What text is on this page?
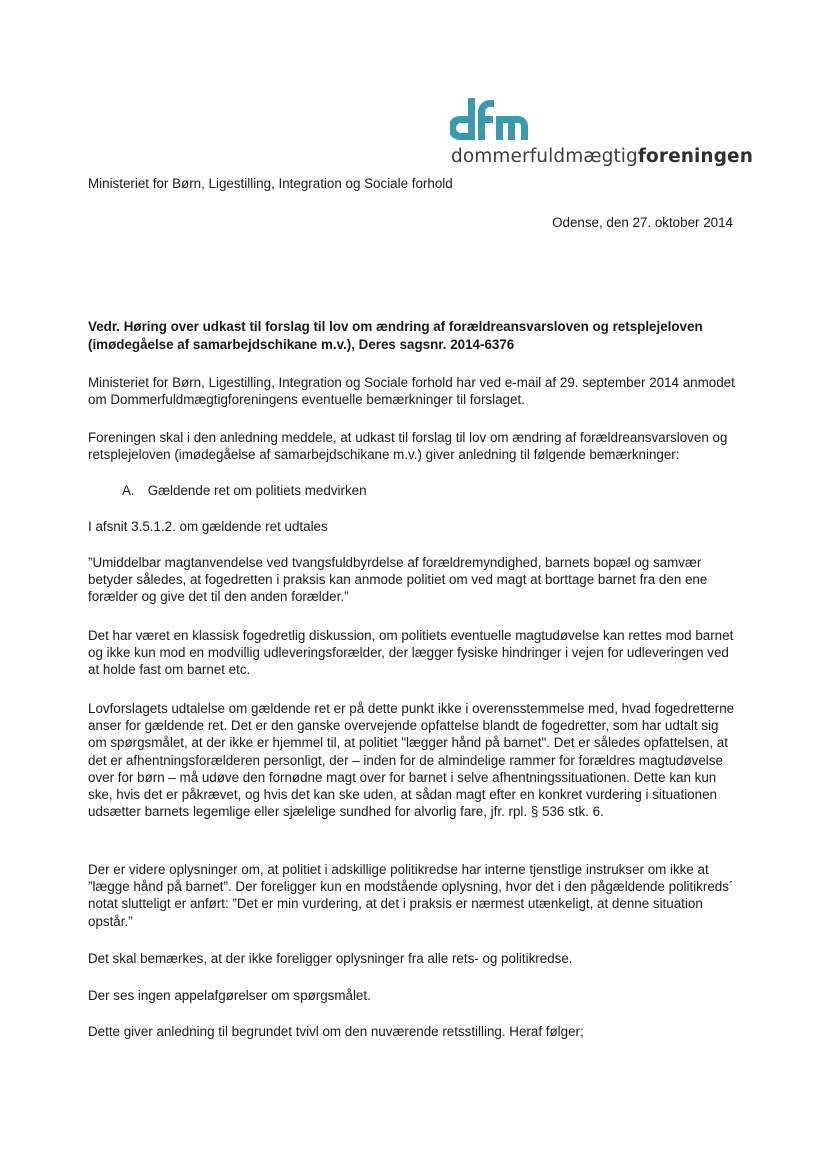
dommerfuldmægtigforeningen

Ministeriet for Børn, Ligestilling, Integration og Sociale forhold

Odense, den 27. oktober 2014

Vedr. Høring over udkast til forslag til lov om ændring af forældreansvarsloven og retsplejeloven (imødegåelse af samarbejdschikane m.v.), Deres sagsnr. 2014-6376

Ministeriet for Børn, Ligestilling, Integration og Sociale forhold har ved e-mail af 29. september 2014 anmodet om Dommerfuldmægtigforeningens eventuelle bemærkninger til forslaget.

Foreningen skal i den anledning meddele, at udkast til forslag til lov om ændring af forældreansvarsloven og retsplejeloven (imødegåelse af samarbejdschikane m.v.) giver anledning til følgende bemærkninger:

A. Gældende ret om politiets medvirken

I afsnit 3.5.1.2. om gældende ret udtales

”Umiddelbar magtanvendelse ved tvangsfuldbyrdelse af forældremyndighed, barnets bopæl og samvær betyder således, at fogedretten i praksis kan anmode politiet om ved magt at borttage barnet fra den ene forælder og give det til den anden forælder.”

Det har været en klassisk fogedretlig diskussion, om politiets eventuelle magtudøvelse kan rettes mod barnet og ikke kun mod en modvillig udleveringsforælder, der lægger fysiske hindringer i vejen for udleveringen ved at holde fast om barnet etc.

Lovforslagets udtalelse om gældende ret er på dette punkt ikke i overensstemmelse med, hvad fogedretterne anser for gældende ret. Det er den ganske overvejende opfattelse blandt de fogedretter, som har udtalt sig om spørgsmålet, at der ikke er hjemmel til, at politiet "lægger hånd på barnet". Det er således opfattelsen, at det er afhentningsforælderen personligt, der – inden for de almindelige rammer for forældres magtudøvelse over for børn – må udøve den fornødne magt over for barnet i selve afhentningssituationen. Dette kan kun ske, hvis det er påkrævet, og hvis det kan ske uden, at sådan magt efter en konkret vurdering i situationen udsætter barnets legemlige eller sjælelige sundhed for alvorlig fare, jfr. rpl. § 536 stk. 6.

Der er videre oplysninger om, at politiet i adskillige politikredse har interne tjenstlige instrukser om ikke at ”lægge hånd på barnet”. Der foreligger kun en modstående oplysning, hvor det i den pågældende politikreds´ notat slutteligt er anført: ”Det er min vurdering, at det i praksis er nærmest utænkeligt, at denne situation opstår.”

Det skal bemærkes, at der ikke foreligger oplysninger fra alle rets- og politikredse.

Der ses ingen appelafgørelser om spørgsmålet.

Dette giver anledning til begrundet tvivl om den nuværende retsstilling. Heraf følger;
